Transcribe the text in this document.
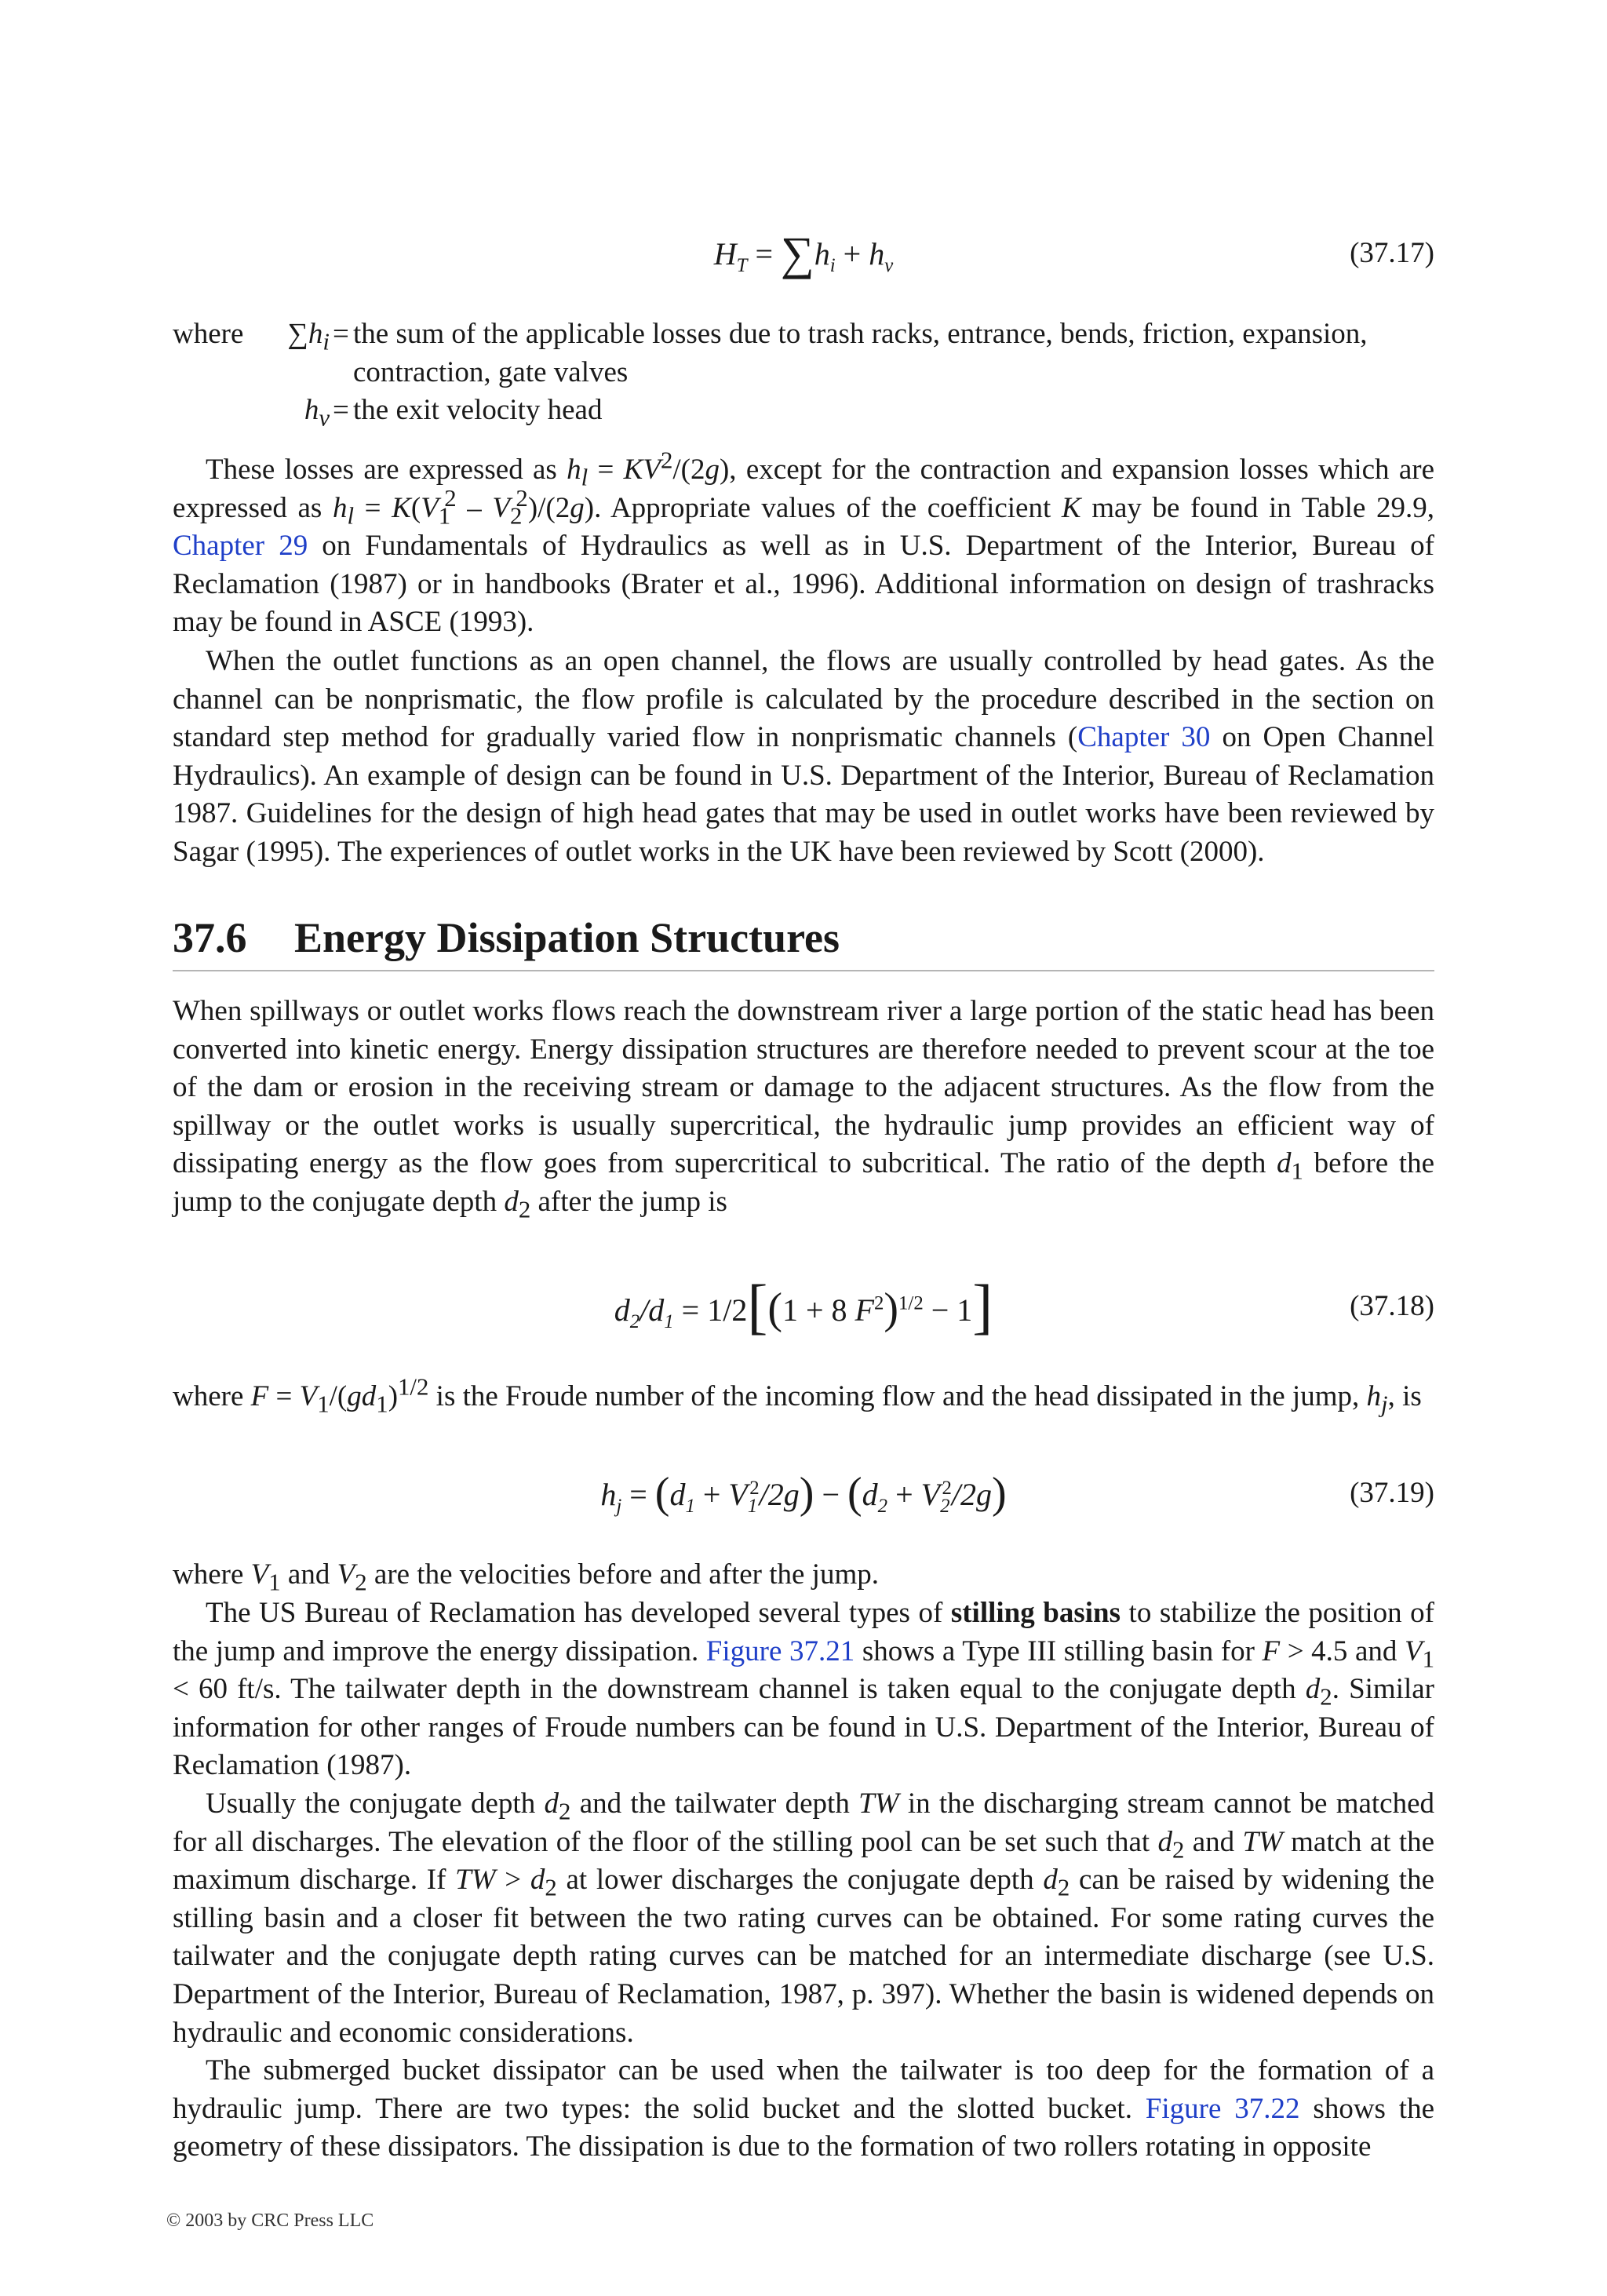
$H_T = \sum h_i + h_v$	(37.17)
where $\sum h_i$ = the sum of the applicable losses due to trash racks, entrance, bends, friction, expansion, contraction, gate valves
$h_v$ = the exit velocity head

These losses are expressed as $h_l = KV^2/(2g)$, except for the contraction and expansion losses which are expressed as $h_l = K(V_1^2 - V_2^2)/(2g)$. Appropriate values of the coefficient K may be found in Table 29.9, Chapter 29 on Fundamentals of Hydraulics as well as in U.S. Department of the Interior, Bureau of Reclamation (1987) or in handbooks (Brater et al., 1996). Additional information on design of trashracks may be found in ASCE (1993).

When the outlet functions as an open channel, the flows are usually controlled by head gates. As the channel can be nonprismatic, the flow profile is calculated by the procedure described in the section on standard step method for gradually varied flow in nonprismatic channels (Chapter 30 on Open Channel Hydraulics). An example of design can be found in U.S. Department of the Interior, Bureau of Reclamation 1987. Guidelines for the design of high head gates that may be used in outlet works have been reviewed by Sagar (1995). The experiences of outlet works in the UK have been reviewed by Scott (2000).

37.6 Energy Dissipation Structures

When spillways or outlet works flows reach the downstream river a large portion of the static head has been converted into kinetic energy. Energy dissipation structures are therefore needed to prevent scour at the toe of the dam or erosion in the receiving stream or damage to the adjacent structures. As the flow from the spillway or the outlet works is usually supercritical, the hydraulic jump provides an efficient way of dissipating energy as the flow goes from supercritical to subcritical. The ratio of the depth $d_1$ before the jump to the conjugate depth $d_2$ after the jump is

$d_2/d_1 = 1/2[(1 + 8$ $F^2)^{1/2} - 1$]	(37.18)

where $F = V_1/(gd_1)^{1/2}$ is the Froude number of the incoming flow and the head dissipated in the jump, $h_j$, is

$h_j = (d_1 + V_1^2/2g) - (d_2 + V_2^2/2g)$	(37.19)

where $V_1$ and $V_2$ are the velocities before and after the jump.

The US Bureau of Reclamation has developed several types of stilling basins to stabilize the position of the jump and improve the energy dissipation. Figure 37.21 shows a Type III stilling basin for F > 4.5 and $V_1 < 60$ ft/s. The tailwater depth in the downstream channel is taken equal to the conjugate depth $d_2$. Similar information for other ranges of Froude numbers can be found in U.S. Department of the Interior, Bureau of Reclamation (1987).

Usually the conjugate depth $d_2$ and the tailwater depth TW in the discharging stream cannot be matched for all discharges. The elevation of the floor of the stilling pool can be set such that $d_2$ and TW match at the maximum discharge. If TW > $d_2$ at lower discharges the conjugate depth $d_2$ can be raised by widening the stilling basin and a closer fit between the two rating curves can be obtained. For some rating curves the tailwater and the conjugate depth rating curves can be matched for an intermediate discharge (see U.S. Department of the Interior, Bureau of Reclamation, 1987, p. 397). Whether the basin is widened depends on hydraulic and economic considerations.

The submerged bucket dissipator can be used when the tailwater is too deep for the formation of a hydraulic jump. There are two types: the solid bucket and the slotted bucket. Figure 37.22 shows the geometry of these dissipators. The dissipation is due to the formation of two rollers rotating in opposite

© 2003 by CRC Press LLC
